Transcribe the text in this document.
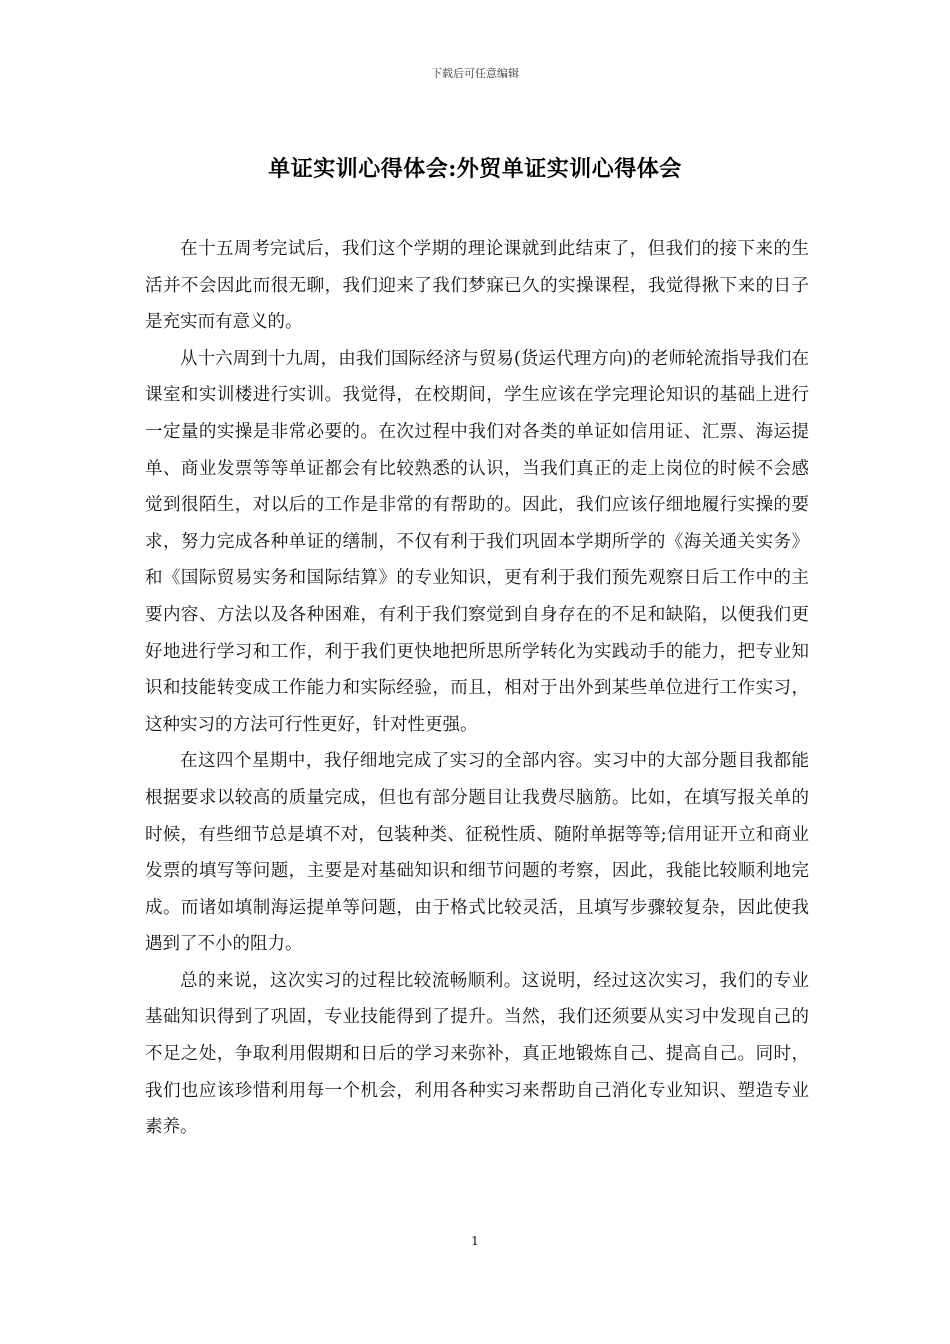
下载后可任意编辑
单证实训心得体会:外贸单证实训心得体会

在十五周考完试后，我们这个学期的理论课就到此结束了，但我们的接下来的生活并不会因此而很无聊，我们迎来了我们梦寐已久的实操课程，我觉得揪下来的日子是充实而有意义的。

从十六周到十九周，由我们国际经济与贸易(货运代理方向)的老师轮流指导我们在课室和实训楼进行实训。我觉得，在校期间，学生应该在学完理论知识的基础上进行一定量的实操是非常必要的。在次过程中我们对各类的单证如信用证、汇票、海运提单、商业发票等等单证都会有比较熟悉的认识，当我们真正的走上岗位的时候不会感觉到很陌生，对以后的工作是非常的有帮助的。因此，我们应该仔细地履行实操的要求，努力完成各种单证的缮制，不仅有利于我们巩固本学期所学的《海关通关实务》和《国际贸易实务和国际结算》的专业知识，更有利于我们预先观察日后工作中的主要内容、方法以及各种困难，有利于我们察觉到自身存在的不足和缺陷，以便我们更好地进行学习和工作，利于我们更快地把所思所学转化为实践动手的能力，把专业知识和技能转变成工作能力和实际经验，而且，相对于出外到某些单位进行工作实习，这种实习的方法可行性更好，针对性更强。

在这四个星期中，我仔细地完成了实习的全部内容。实习中的大部分题目我都能根据要求以较高的质量完成，但也有部分题目让我费尽脑筋。比如，在填写报关单的时候，有些细节总是填不对，包装种类、征税性质、随附单据等等;信用证开立和商业发票的填写等问题，主要是对基础知识和细节问题的考察，因此，我能比较顺利地完成。而诸如填制海运提单等问题，由于格式比较灵活，且填写步骤较复杂，因此使我遇到了不小的阻力。

总的来说，这次实习的过程比较流畅顺利。这说明，经过这次实习，我们的专业基础知识得到了巩固，专业技能得到了提升。当然，我们还须要从实习中发现自己的不足之处，争取利用假期和日后的学习来弥补，真正地锻炼自己、提高自己。同时，我们也应该珍惜利用每一个机会，利用各种实习来帮助自己消化专业知识、塑造专业素养。

1
